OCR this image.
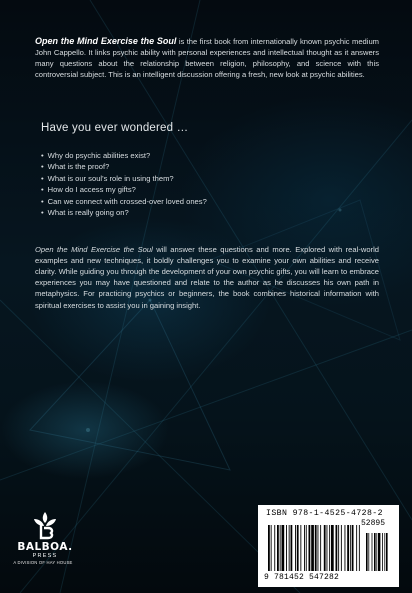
Open the Mind Exercise the Soul is the first book from internationally known psychic medium John Cappello. It links psychic ability with personal experiences and intellectual thought as it answers many questions about the relationship between religion, philosophy, and science with this controversial subject. This is an intelligent discussion offering a fresh, new look at psychic abilities.

Have you ever wondered …
• Why do psychic abilities exist?
• What is the proof?
• What is our soul's role in using them?
• How do I access my gifts?
• Can we connect with crossed-over loved ones?
• What is really going on?

Open the Mind Exercise the Soul will answer these questions and more. Explored with real-world examples and new techniques, it boldly challenges you to examine your own abilities and receive clarity. While guiding you through the development of your own psychic gifts, you will learn to embrace experiences you may have questioned and relate to the author as he discusses his own path in metaphysics. For practicing psychics or beginners, the book combines historical information with spiritual exercises to assist you in gaining insight.

BALBOA.
PRESS
A DIVISION OF HAY HOUSE
ISBN 978-1-4525-4728-2
52895
9 781452 547282
